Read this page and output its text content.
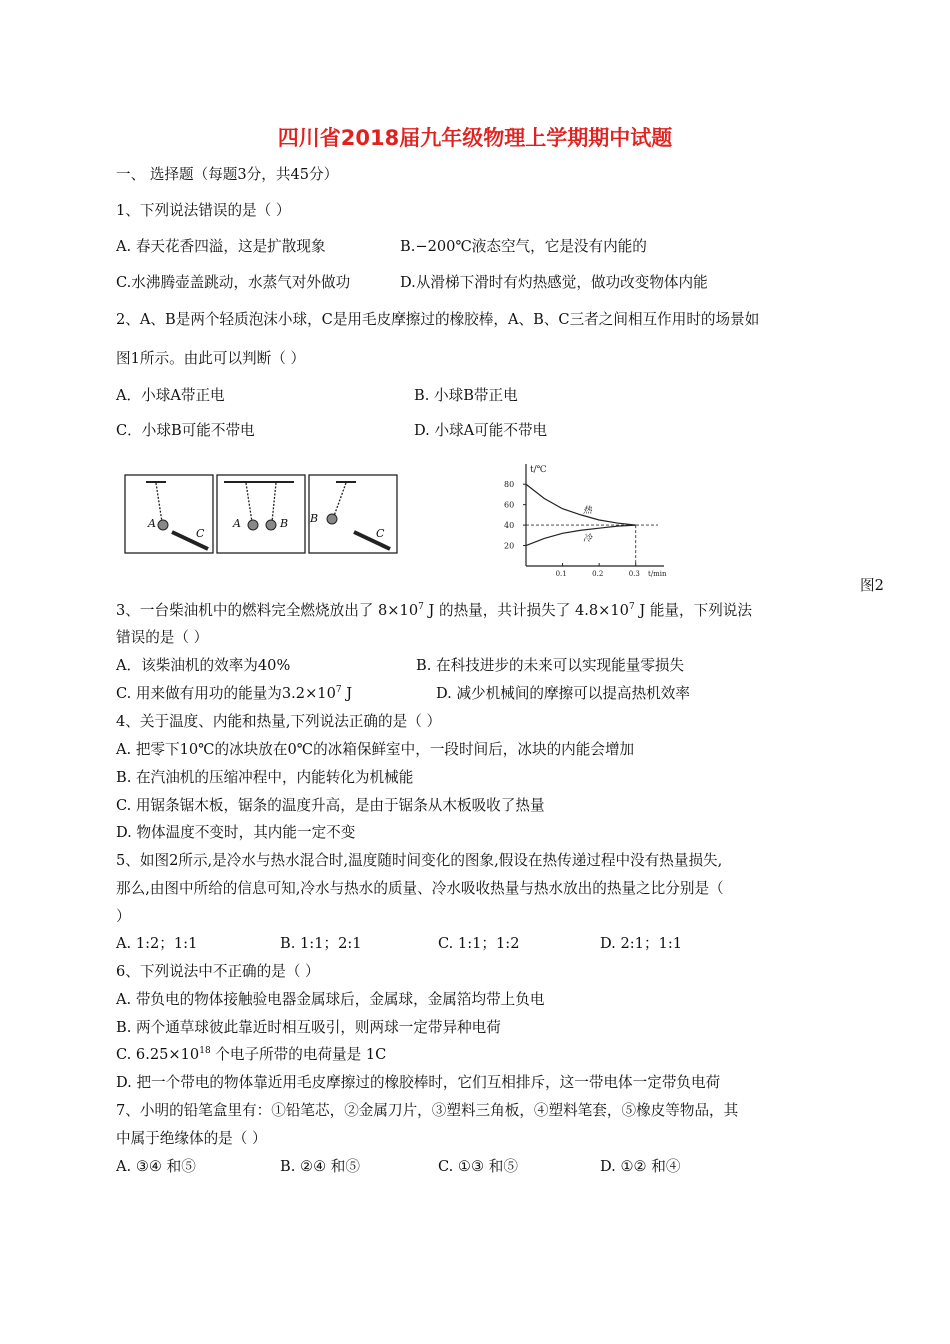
四川省2018届九年级物理上学期期中试题
一、 选择题（每题3分，共45分）
1、下列说法错误的是（ ）
A. 春天花香四溢，这是扩散现象	B.−200℃液态空气，它是没有内能的
C.水沸腾壶盖跳动，水蒸气对外做功	D.从滑梯下滑时有灼热感觉，做功改变物体内能
2、A、B是两个轻质泡沫小球，C是用毛皮摩擦过的橡胶棒，A、B、C三者之间相互作用时的场景如
图1所示。由此可以判断（ ）
A．小球A带正电	B. 小球B带正电
C．小球B可能不带电	D. 小球A可能不带电
A
C
A	B B
C
t/℃
t/min
80
60
40
20
0.1	0.2	0.3
热
冷
图2
3、一台柴油机中的燃料完全燃烧放出了 $8\times 10^7$ J 的热量，共计损失了 $4.8\times 10^7$ J 能量，下列说法
错误的是（ ）
A．该柴油机的效率为40%	B. 在科技进步的未来可以实现能量零损失
C. 用来做有用功的能量为$3.2\times 10^7$ J	D. 减少机械间的摩擦可以提高热机效率
4、关于温度、内能和热量,下列说法正确的是（ ）
A. 把零下10℃的冰块放在0℃的冰箱保鲜室中，一段时间后，冰块的内能会增加
B. 在汽油机的压缩冲程中，内能转化为机械能
C. 用锯条锯木板，锯条的温度升高，是由于锯条从木板吸收了热量
D. 物体温度不变时，其内能一定不变
5、如图2所示,是冷水与热水混合时,温度随时间变化的图象,假设在热传递过程中没有热量损失,
那么,由图中所给的信息可知,冷水与热水的质量、冷水吸收热量与热水放出的热量之比分别是（
）
A. 1:2；1:1	B. 1:1；2:1	C. 1:1；1:2	D. 2:1；1:1
6、下列说法中不正确的是（ ）
A. 带负电的物体接触验电器金属球后，金属球，金属箔均带上负电
B. 两个通草球彼此靠近时相互吸引，则两球一定带异种电荷
C. $6.25\times 10^{18}$ 个电子所带的电荷量是 1C
D. 把一个带电的物体靠近用毛皮摩擦过的橡胶棒时，它们互相排斥，这一带电体一定带负电荷
7、小明的铅笔盒里有：①铅笔芯，②金属刀片，③塑料三角板，④塑料笔套，⑤橡皮等物品，其
中属于绝缘体的是（ ）
A. ③④ 和⑤	B. ②④ 和⑤	C. ①③ 和⑤	D. ①② 和④
